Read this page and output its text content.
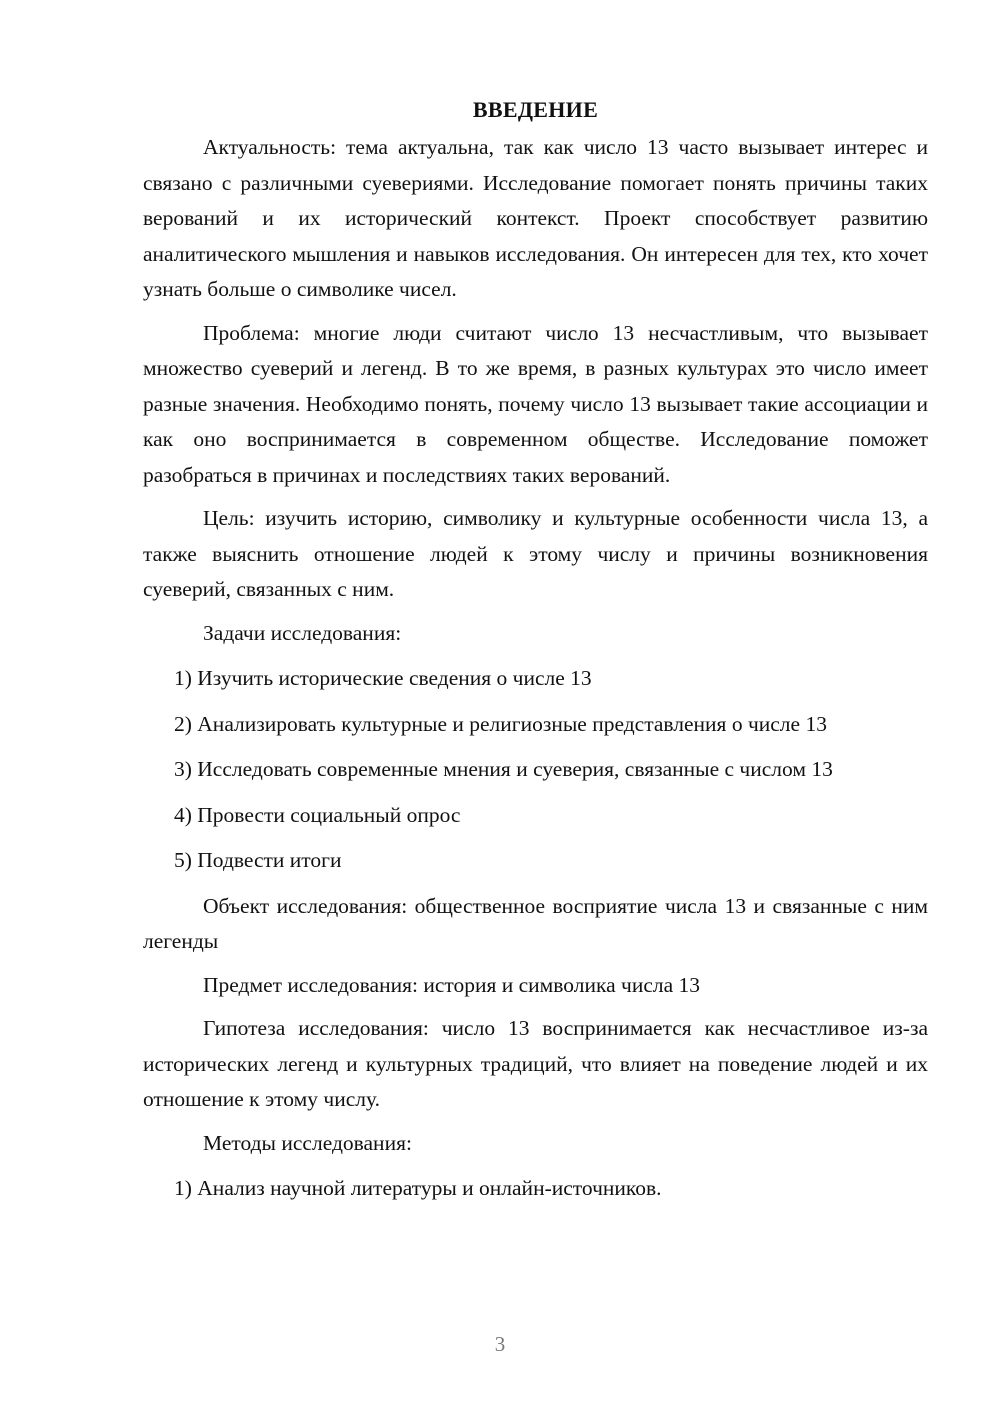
ВВЕДЕНИЕ

Актуальность: тема актуальна, так как число 13 часто вызывает интерес и связано с различными суевериями. Исследование помогает понять причины таких верований и их исторический контекст. Проект способствует развитию аналитического мышления и навыков исследования. Он интересен для тех, кто хочет узнать больше о символике чисел.

Проблема: многие люди считают число 13 несчастливым, что вызывает множество суеверий и легенд. В то же время, в разных культурах это число имеет разные значения. Необходимо понять, почему число 13 вызывает такие ассоциации и как оно воспринимается в современном обществе. Исследование поможет разобраться в причинах и последствиях таких верований.

Цель: изучить историю, символику и культурные особенности числа 13, а также выяснить отношение людей к этому числу и причины возникновения суеверий, связанных с ним.

Задачи исследования:
1) Изучить исторические сведения о числе 13
2) Анализировать культурные и религиозные представления о числе 13
3) Исследовать современные мнения и суеверия, связанные с числом 13
4) Провести социальный опрос
5) Подвести итоги

Объект исследования: общественное восприятие числа 13 и связанные с ним легенды

Предмет исследования: история и символика числа 13

Гипотеза исследования: число 13 воспринимается как несчастливое из-за исторических легенд и культурных традиций, что влияет на поведение людей и их отношение к этому числу.

Методы исследования:
1) Анализ научной литературы и онлайн-источников.
3
